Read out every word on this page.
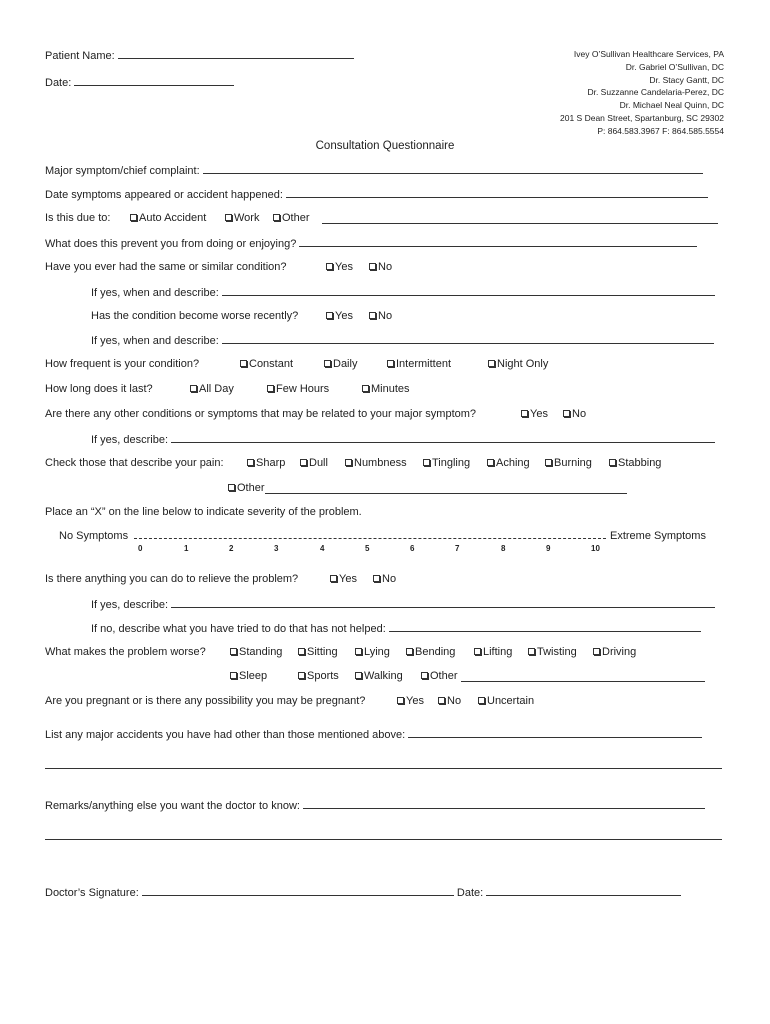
Patient Name:
Date:
Ivey O’Sullivan Healthcare Services, PA
Dr. Gabriel O’Sullivan, DC
Dr. Stacy Gantt, DC
Dr. Suzzanne Candelaria-Perez, DC
Dr. Michael Neal Quinn, DC
201 S Dean Street, Spartanburg, SC 29302
P: 864.583.3967 F: 864.585.5554
Consultation Questionnaire
Major symptom/chief complaint:
Date symptoms appeared or accident happened:
Is this due to:	Auto Accident	Work Other
What does this prevent you from doing or enjoying?
Have you ever had the same or similar condition?	Yes No
If yes, when and describe:
Has the condition become worse recently?	Yes No
If yes, when and describe:
How frequent is your condition?	Constant	Daily	Intermittent	Night Only
How long does it last?	All Day	Few Hours	Minutes
Are there any other conditions or symptoms that may be related to your major symptom?	Yes No
If yes, describe:
Check those that describe your pain:	Sharp Dull Numbness Tingling Aching Burning Stabbing
Other
Place an “X” on the line below to indicate severity of the problem.
No Symptoms	Extreme Symptoms
0	1	2	3	4	5	6	7	8	9	10
Is there anything you can do to relieve the problem?	Yes No
If yes, describe:
If no, describe what you have tried to do that has not helped:
What makes the problem worse?	Standing Sitting Lying Bending	Lifting Twisting Driving
Sleep	Sports Walking Other
Are you pregnant or is there any possibility you may be pregnant?	Yes No Uncertain
List any major accidents you have had other than those mentioned above:
Remarks/anything else you want the doctor to know:
Doctor’s Signature:	Date:
